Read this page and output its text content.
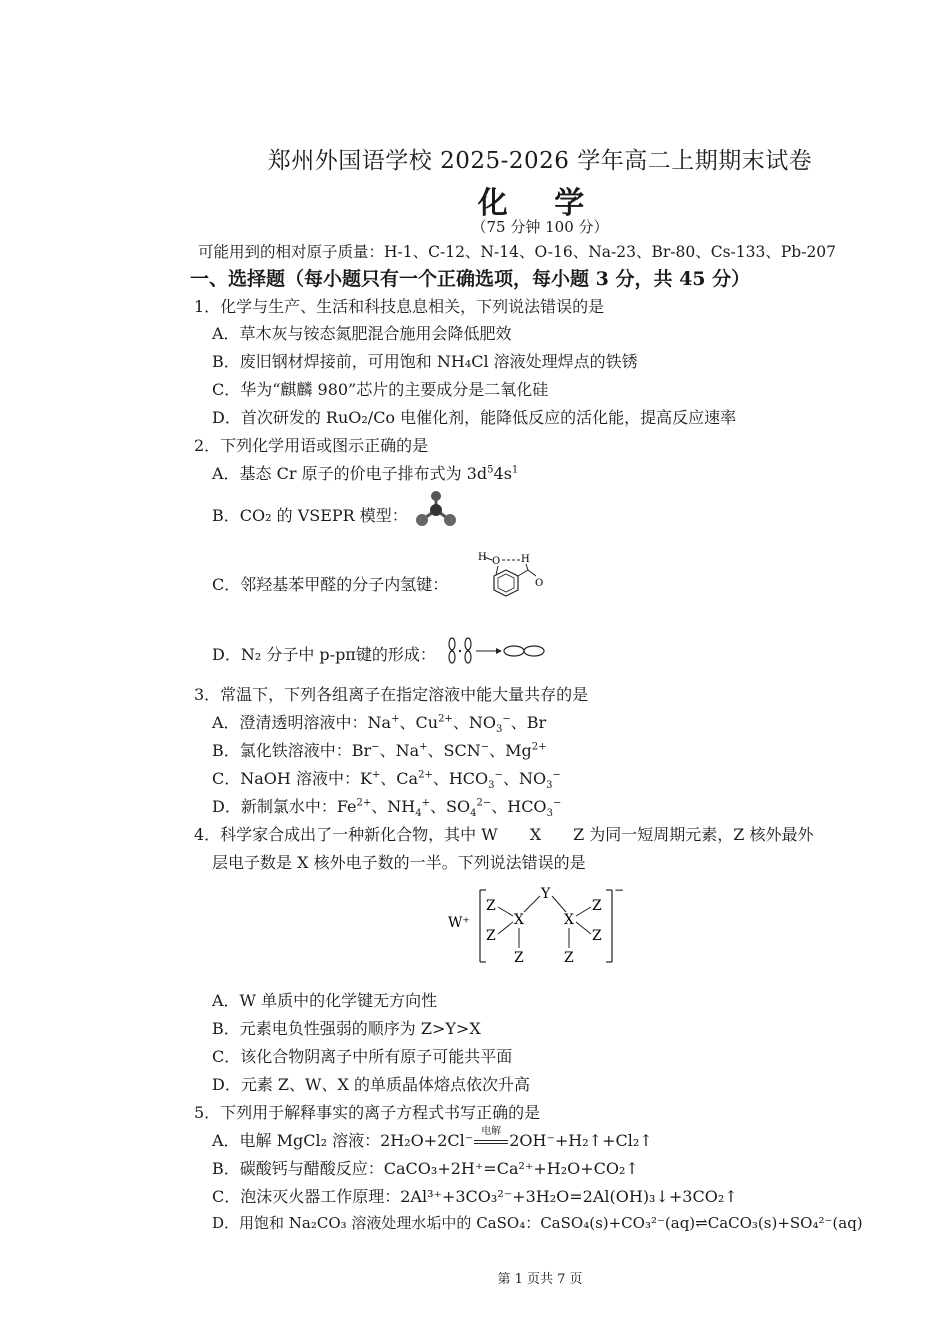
郑州外国语学校 2025-2026 学年高二上期期末试卷
化 学
（75 分钟 100 分）
可能用到的相对原子质量：H-1、C-12、N-14、O-16、Na-23、Br-80、Cs-133、Pb-207
一、选择题（每小题只有一个正确选项，每小题 3 分，共 45 分）
1．化学与生产、生活和科技息息相关，下列说法错误的是
A．草木灰与铵态氮肥混合施用会降低肥效
B．废旧钢材焊接前，可用饱和 NH₄Cl 溶液处理焊点的铁锈
C．华为“麒麟 980”芯片的主要成分是二氧化硅
D．首次研发的 RuO₂/Co 电催化剂，能降低反应的活化能，提高反应速率
2．下列化学用语或图示正确的是
A．基态 Cr 原子的价电子排布式为 $3d^54s^1$
B．CO₂ 的 VSEPR 模型：
C．邻羟基苯甲醛的分子内氢键：
H O H
O
D．N₂ 分子中 p-pπ键的形成：
3．常温下，下列各组离子在指定溶液中能大量共存的是
A．澄清透明溶液中：Na+、$Cu^{2+}$、$NO_3^-$、Br
B．氯化铁溶液中：Br−、Na+、SCN−、$Mg^{2+}$
C．NaOH 溶液中：K+、$Ca^{2+}$、$HCO_3^-$、$NO_3^-$
D．新制氯水中：$Fe^{2+}$、$NH_4^+$、$SO_4^{2-}$、$HCO_3^-$
4．科学家合成出了一种新化合物，其中 W　　X　　Z 为同一短周期元素，Z 核外最外
层电子数是 X 核外电子数的一半。下列说法错误的是
W⁺
−
Y
X	X
Z
Z
Z
Z
Z
Z
A．W 单质中的化学键无方向性
B．元素电负性强弱的顺序为 Z>Y>X
C．该化合物阴离子中所有原子可能共平面
D．元素 Z、W、X 的单质晶体熔点依次升高
5．下列用于解释事实的离子方程式书写正确的是
A．电解 MgCl₂ 溶液：2H₂O+2Cl⁻ 电解 2OH⁻+H₂↑+Cl₂↑
B．碳酸钙与醋酸反应：CaCO₃+2H⁺=Ca²⁺+H₂O+CO₂↑
C．泡沫灭火器工作原理：2Al³⁺+3CO₃²⁻+3H₂O=2Al(OH)₃↓+3CO₂↑
D．用饱和 Na₂CO₃ 溶液处理水垢中的 CaSO₄：CaSO₄(s)+CO₃²⁻(aq)⇌CaCO₃(s)+SO₄²⁻(aq)
第 1 页共 7 页
